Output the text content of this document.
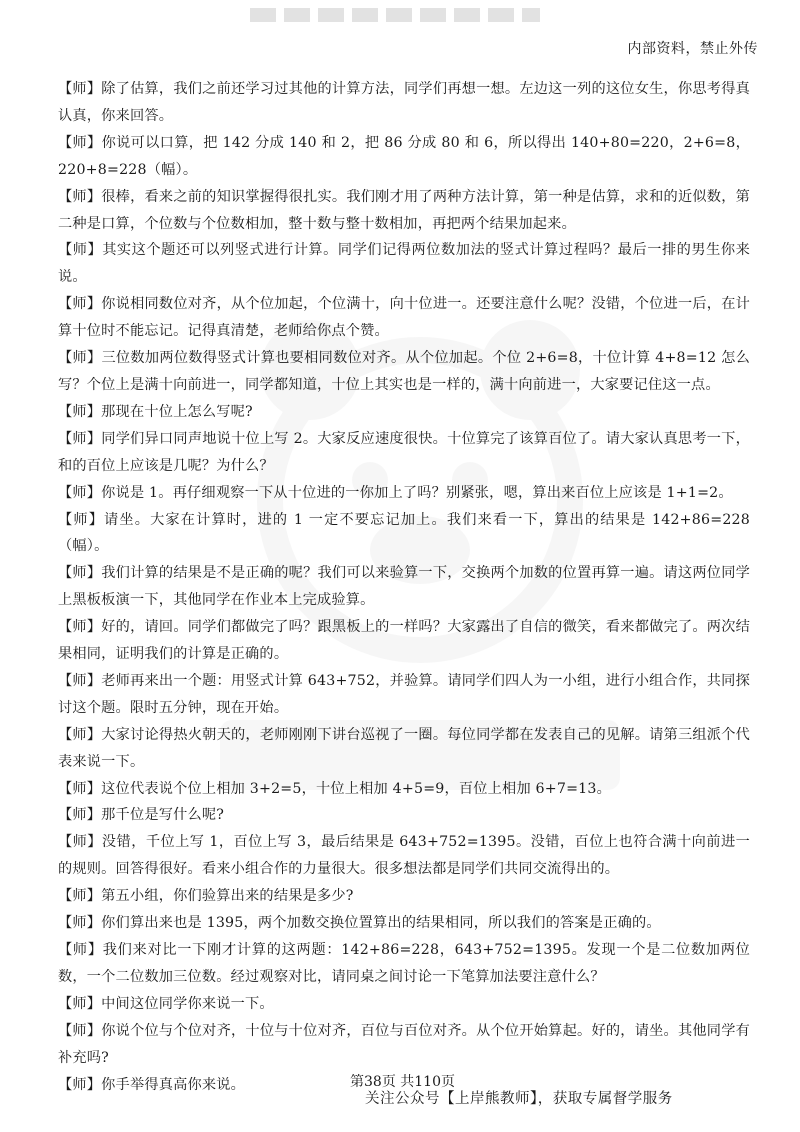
内部资料，禁止外传

【师】除了估算，我们之前还学习过其他的计算方法，同学们再想一想。左边这一列的这位女生，你思考得真认真，你来回答。

【师】你说可以口算，把 142 分成 140 和 2，把 86 分成 80 和 6，所以得出 140+80=220，2+6=8，220+8=228（幅）。

【师】很棒，看来之前的知识掌握得很扎实。我们刚才用了两种方法计算，第一种是估算，求和的近似数，第二种是口算，个位数与个位数相加，整十数与整十数相加，再把两个结果加起来。

【师】其实这个题还可以列竖式进行计算。同学们记得两位数加法的竖式计算过程吗？最后一排的男生你来说。

【师】你说相同数位对齐，从个位加起，个位满十，向十位进一。还要注意什么呢？没错，个位进一后，在计算十位时不能忘记。记得真清楚，老师给你点个赞。

【师】三位数加两位数得竖式计算也要相同数位对齐。从个位加起。个位 2+6=8，十位计算 4+8=12 怎么写？个位上是满十向前进一，同学都知道，十位上其实也是一样的，满十向前进一，大家要记住这一点。

【师】那现在十位上怎么写呢?

【师】同学们异口同声地说十位上写 2。大家反应速度很快。十位算完了该算百位了。请大家认真思考一下，和的百位上应该是几呢？为什么？

【师】你说是 1。再仔细观察一下从十位进的一你加上了吗？别紧张，嗯，算出来百位上应该是 1+1=2。

【师】请坐。大家在计算时，进的 1 一定不要忘记加上。我们来看一下，算出的结果是 142+86=228（幅）。

【师】我们计算的结果是不是正确的呢？我们可以来验算一下，交换两个加数的位置再算一遍。请这两位同学上黑板板演一下，其他同学在作业本上完成验算。

【师】好的，请回。同学们都做完了吗？跟黑板上的一样吗？大家露出了自信的微笑，看来都做完了。两次结果相同，证明我们的计算是正确的。

【师】老师再来出一个题：用竖式计算 643+752，并验算。请同学们四人为一小组，进行小组合作，共同探讨这个题。限时五分钟，现在开始。

【师】大家讨论得热火朝天的，老师刚刚下讲台巡视了一圈。每位同学都在发表自己的见解。请第三组派个代表来说一下。

【师】这位代表说个位上相加 3+2=5，十位上相加 4+5=9，百位上相加 6+7=13。

【师】那千位是写什么呢?

【师】没错，千位上写 1，百位上写 3，最后结果是 643+752=1395。没错，百位上也符合满十向前进一的规则。回答得很好。看来小组合作的力量很大。很多想法都是同学们共同交流得出的。

【师】第五小组，你们验算出来的结果是多少?

【师】你们算出来也是 1395，两个加数交换位置算出的结果相同，所以我们的答案是正确的。

【师】我们来对比一下刚才计算的这两题：142+86=228，643+752=1395。发现一个是二位数加两位数，一个二位数加三位数。经过观察对比，请同桌之间讨论一下笔算加法要注意什么？

【师】中间这位同学你来说一下。

【师】你说个位与个位对齐，十位与十位对齐，百位与百位对齐。从个位开始算起。好的，请坐。其他同学有补充吗?

【师】你手举得真高你来说。	第38页 共110页
关注公众号【上岸熊教师】，获取专属督学服务
